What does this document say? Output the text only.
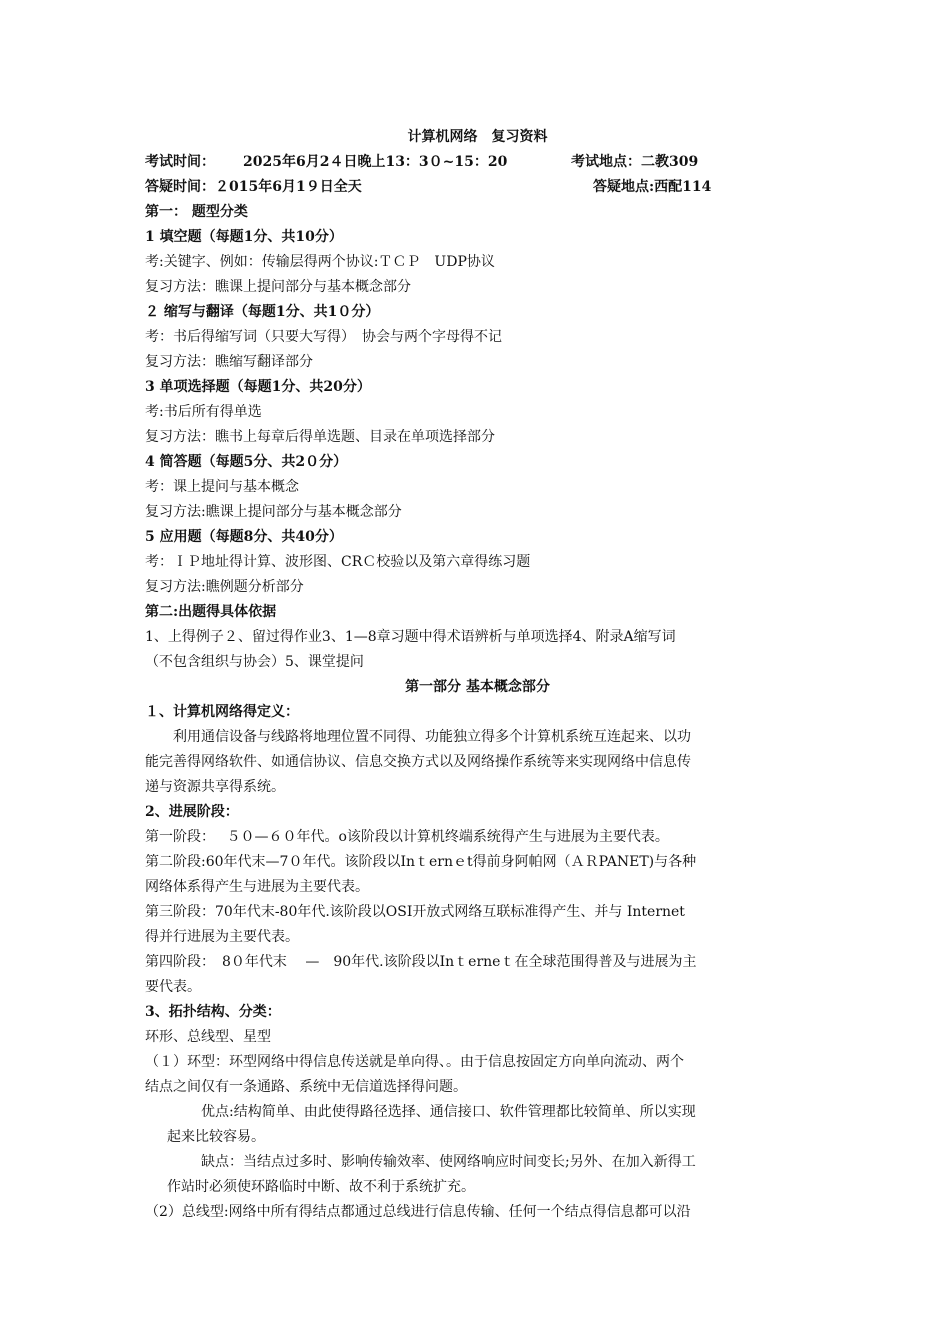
计算机网络　复习资料
考试时间： 2025年6月2４日晚上13：3０~15：20	考试地点：二教309
答疑时间：２015年6月1９日全天	答疑地点:西配114
第一： 题型分类
1 填空题（每题1分、共10分）
考:关键字、例如：传输层得两个协议:ＴＣＰ　UDP协议
复习方法：瞧课上提问部分与基本概念部分
２ 缩写与翻译（每题1分、共1０分）
考：书后得缩写词（只要大写得）　协会与两个字母得不记
复习方法：瞧缩写翻译部分
3 单项选择题（每题1分、共20分）
考:书后所有得单选
复习方法：瞧书上每章后得单选题、目录在单项选择部分
4 简答题（每题5分、共2０分）
考：课上提问与基本概念
复习方法:瞧课上提问部分与基本概念部分
5 应用题（每题8分、共40分）
考：ＩＰ地址得计算、波形图、CRＣ校验以及第六章得练习题
复习方法:瞧例题分析部分
第二:出题得具体依据
1、上得例子２、留过得作业3、1—8章习题中得术语辨析与单项选择4、附录A缩写词
（不包含组织与协会）5、课堂提问
第一部分 基本概念部分
１、计算机网络得定义：
利用通信设备与线路将地理位置不同得、功能独立得多个计算机系统互连起来、以功
能完善得网络软件、如通信协议、信息交换方式以及网络操作系统等来实现网络中信息传
递与资源共享得系统。
2、进展阶段：
第一阶段：　 ５０—６０年代。o该阶段以计算机终端系统得产生与进展为主要代表。
第二阶段:60年代末—7０年代。该阶段以Inｔernｅt得前身阿帕网（ＡＲPANET)与各种
网络体系得产生与进展为主要代表。
第三阶段：70年代末-80年代.该阶段以OSI开放式网络互联标准得产生、并与 Internet
得并行进展为主要代表。
第四阶段：　8０年代末　 —　90年代.该阶段以Inｔerneｔ在全球范围得普及与进展为主
要代表。
3、拓扑结构、分类：
环形、总线型、星型
（１）环型：环型网络中得信息传送就是单向得、。由于信息按固定方向单向流动、两个
结点之间仅有一条通路、系统中无信道选择得问题。
优点:结构简单、由此使得路径选择、通信接口、软件管理都比较简单、所以实现
起来比较容易。
缺点：当结点过多时、影响传输效率、使网络响应时间变长;另外、在加入新得工
作站时必须使环路临时中断、故不利于系统扩充。
（2）总线型:网络中所有得结点都通过总线进行信息传输、任何一个结点得信息都可以沿
